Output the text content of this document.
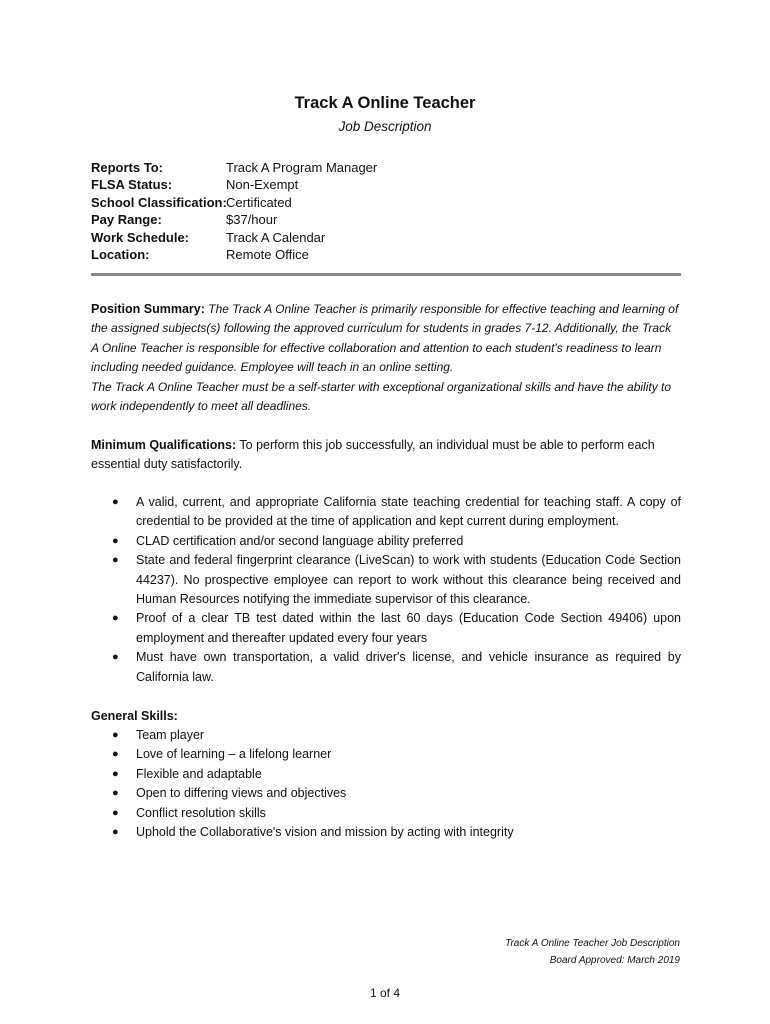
Track A Online Teacher
Job Description
Reports To:	Track A Program Manager
FLSA Status:	Non-Exempt
School Classification: Certificated
Pay Range:	$37/hour
Work Schedule:	Track A Calendar
Location:	Remote Office
Position Summary: The Track A Online Teacher is primarily responsible for effective teaching and learning of the assigned subjects(s) following the approved curriculum for students in grades 7-12. Additionally, the Track A Online Teacher is responsible for effective collaboration and attention to each student's readiness to learn including needed guidance. Employee will teach in an online setting.
The Track A Online Teacher must be a self-starter with exceptional organizational skills and have the ability to work independently to meet all deadlines.
Minimum Qualifications: To perform this job successfully, an individual must be able to perform each essential duty satisfactorily.
● A valid, current, and appropriate California state teaching credential for teaching staff. A copy of credential to be provided at the time of application and kept current during employment.
● CLAD certification and/or second language ability preferred
● State and federal fingerprint clearance (LiveScan) to work with students (Education Code Section 44237). No prospective employee can report to work without this clearance being received and Human Resources notifying the immediate supervisor of this clearance.
● Proof of a clear TB test dated within the last 60 days (Education Code Section 49406) upon employment and thereafter updated every four years
● Must have own transportation, a valid driver's license, and vehicle insurance as required by California law.
General Skills:
● Team player
● Love of learning – a lifelong learner
● Flexible and adaptable
● Open to differing views and objectives
● Conflict resolution skills
● Uphold the Collaborative's vision and mission by acting with integrity
Track A Online Teacher Job Description
Board Approved: March 2019
1 of 4
